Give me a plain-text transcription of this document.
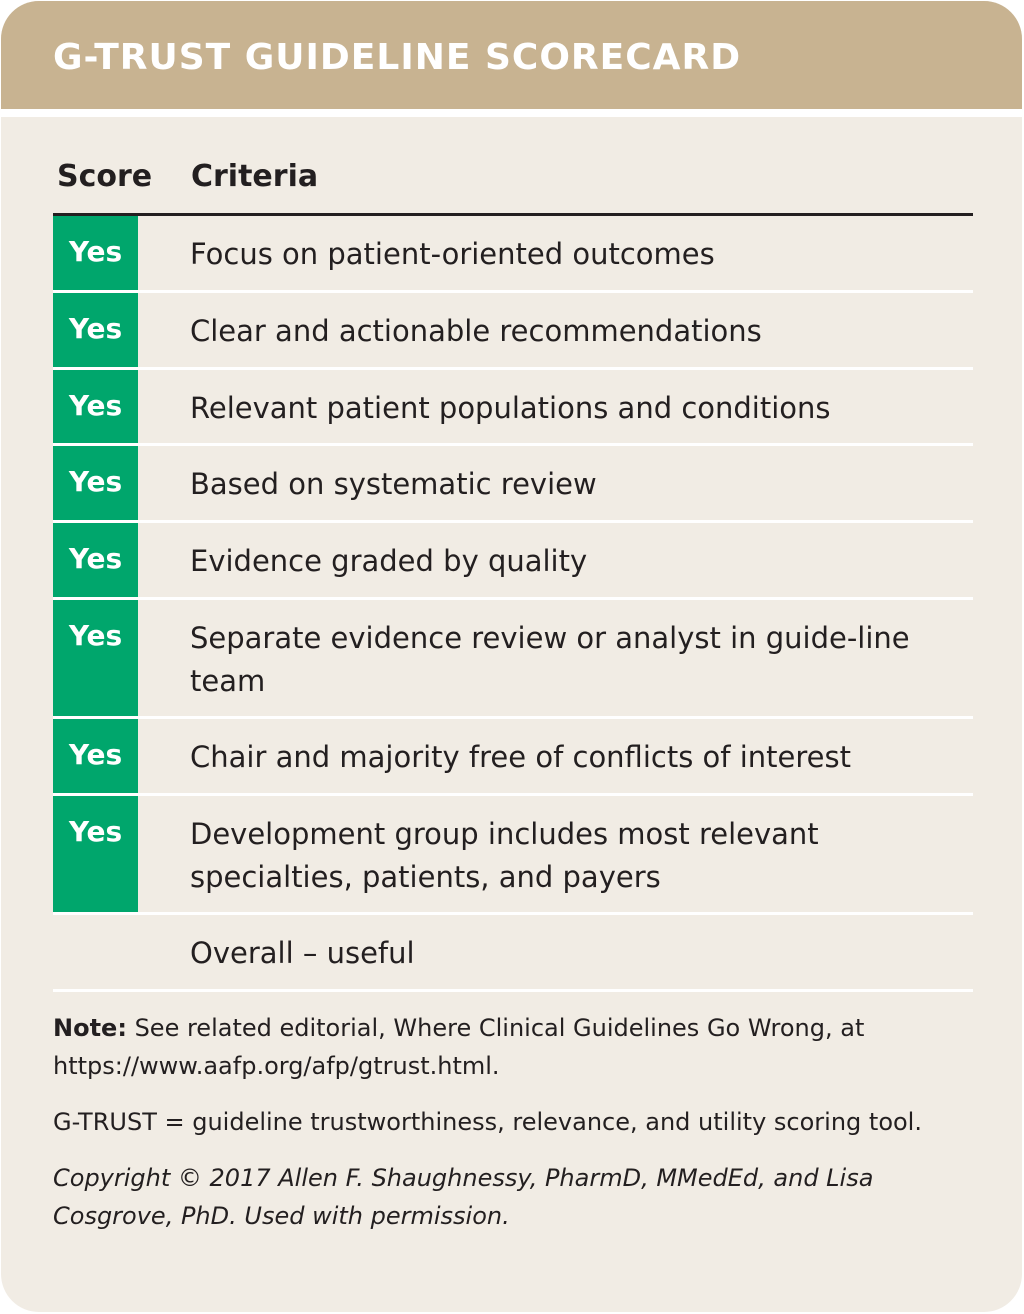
G-TRUST GUIDELINE SCORECARD
Score Criteria
Yes	Focus on patient-oriented outcomes
Yes	Clear and actionable recommendations
Yes	Relevant patient populations and conditions
Yes	Based on systematic review
Yes	Evidence graded by quality
Yes	Separate evidence review or analyst in guide-line team
Yes	Chair and majority free of conflicts of interest
Yes	Development group includes most relevant specialties, patients, and payers
Overall – useful

Note: See related editorial, Where Clinical Guidelines Go Wrong, at https://www.aafp.org/afp/gtrust.html.

G-TRUST = guideline trustworthiness, relevance, and utility scoring tool.

Copyright © 2017 Allen F. Shaughnessy, PharmD, MMedEd, and Lisa Cosgrove, PhD. Used with permission.
